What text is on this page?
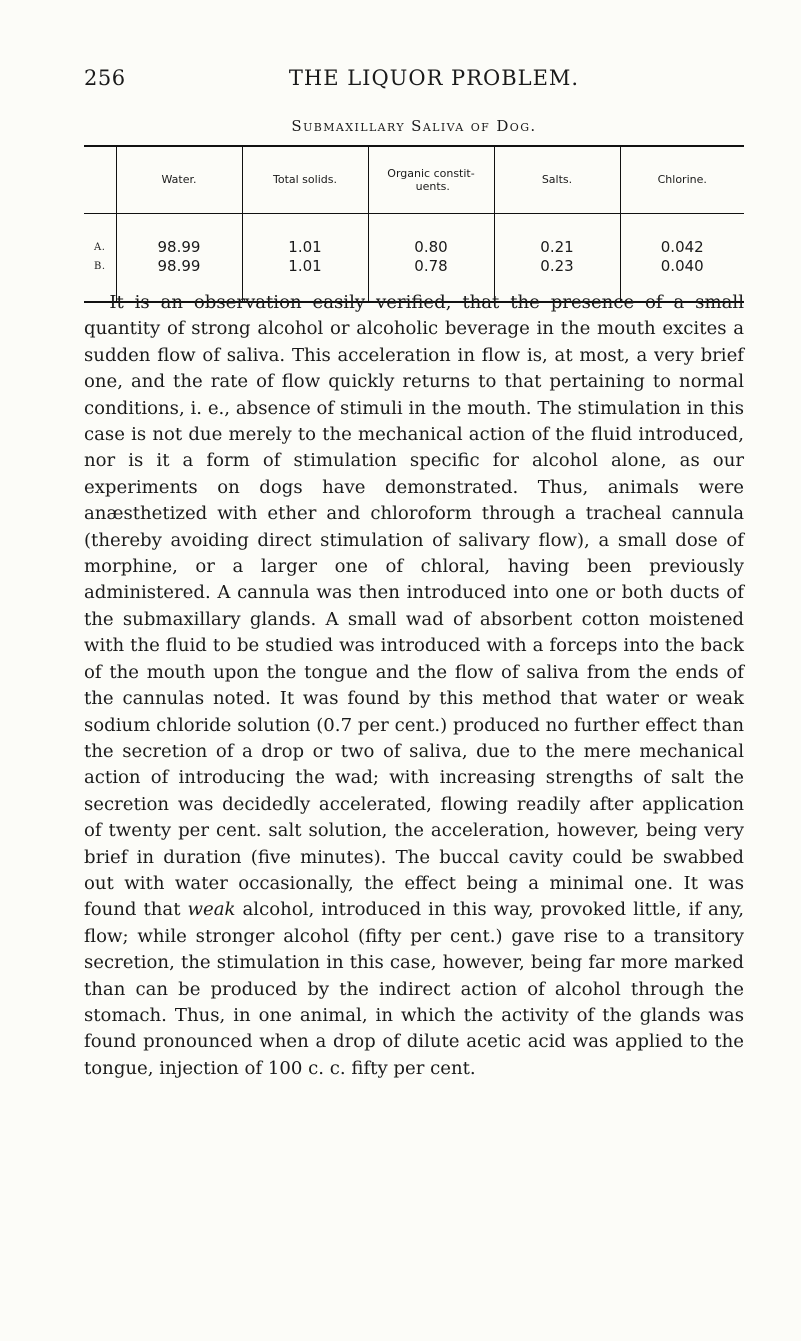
256	THE LIQUOR PROBLEM.
Submaxillary Saliva of Dog.
	Water.	Total solids.	Organic constit- uents.	Salts.	Chlorine.
A.	98.99	1.01	0.80	0.21	0.042
B.	98.99	1.01	0.78	0.23	0.040

It is an observation easily verified, that the presence of a small quantity of strong alcohol or alcoholic beverage in the mouth excites a sudden flow of saliva. This acceleration in flow is, at most, a very brief one, and the rate of flow quickly returns to that pertaining to normal conditions, i. e., absence of stimuli in the mouth. The stimulation in this case is not due merely to the mechanical action of the fluid introduced, nor is it a form of stimulation specific for alcohol alone, as our experiments on dogs have demonstrated. Thus, animals were anæsthetized with ether and chloroform through a tracheal cannula (thereby avoiding direct stimulation of salivary flow), a small dose of morphine, or a larger one of chloral, having been previously administered. A cannula was then introduced into one or both ducts of the submaxillary glands. A small wad of absorbent cotton moistened with the fluid to be studied was introduced with a forceps into the back of the mouth upon the tongue and the flow of saliva from the ends of the cannulas noted. It was found by this method that water or weak sodium chloride solution (0.7 per cent.) produced no further effect than the secretion of a drop or two of saliva, due to the mere mechanical action of introducing the wad; with increasing strengths of salt the secretion was decidedly accelerated, flowing readily after application of twenty per cent. salt solution, the acceleration, however, being very brief in duration (five minutes). The buccal cavity could be swabbed out with water occasionally, the effect being a minimal one. It was found that weak alcohol, introduced in this way, provoked little, if any, flow; while stronger alcohol (fifty per cent.) gave rise to a transitory secretion, the stimulation in this case, however, being far more marked than can be produced by the indirect action of alcohol through the stomach. Thus, in one animal, in which the activity of the glands was found pronounced when a drop of dilute acetic acid was applied to the tongue, injection of 100 c. c. fifty per cent.
